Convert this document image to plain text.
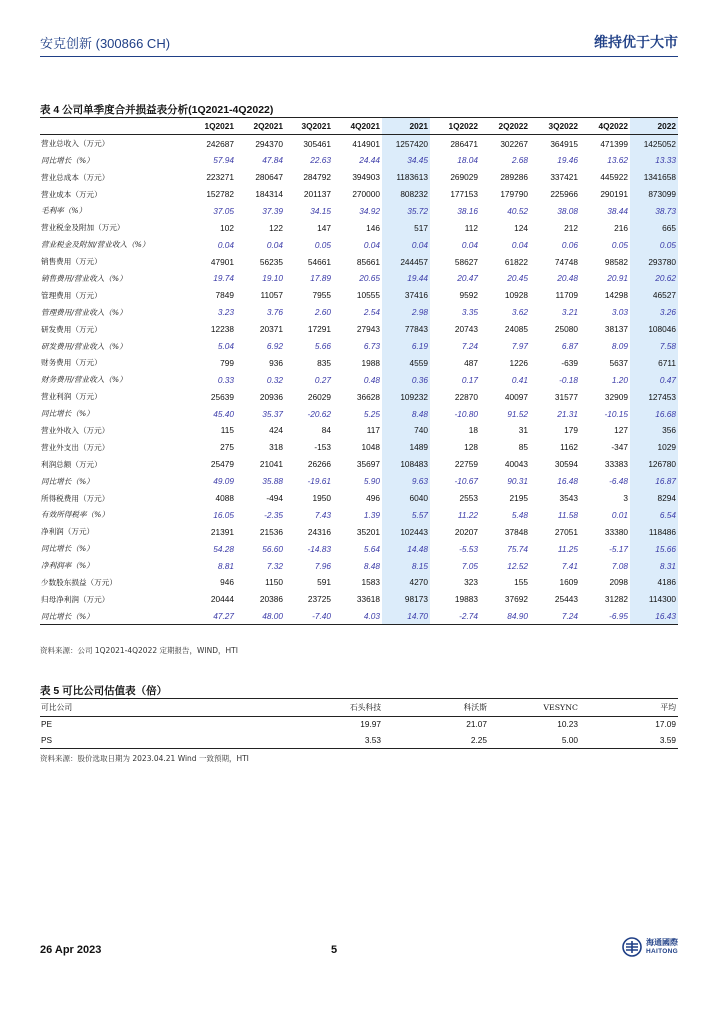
安克创新 (300866 CH)	维持优于大市
表 4 公司单季度合并损益表分析(1Q2021-4Q2022)
	1Q2021	2Q2021	3Q2021	4Q2021	2021	1Q2022	2Q2022	3Q2022	4Q2022	2022
营业总收入（万元）	242687	294370	305461	414901	1257420	286471	302267	364915	471399	1425052
同比增长（%）	57.94	47.84	22.63	24.44	34.45	18.04	2.68	19.46	13.62	13.33
营业总成本（万元）	223271	280647	284792	394903	1183613	269029	289286	337421	445922	1341658
营业成本（万元）	152782	184314	201137	270000	808232	177153	179790	225966	290191	873099
毛利率（%）	37.05	37.39	34.15	34.92	35.72	38.16	40.52	38.08	38.44	38.73
营业税金及附加（万元）	102	122	147	146	517	112	124	212	216	665
营业税金及附加/营业收入（%）	0.04	0.04	0.05	0.04	0.04	0.04	0.04	0.06	0.05	0.05
销售费用（万元）	47901	56235	54661	85661	244457	58627	61822	74748	98582	293780
销售费用/营业收入（%）	19.74	19.10	17.89	20.65	19.44	20.47	20.45	20.48	20.91	20.62
管理费用（万元）	7849	11057	7955	10555	37416	9592	10928	11709	14298	46527
管理费用/营业收入（%）	3.23	3.76	2.60	2.54	2.98	3.35	3.62	3.21	3.03	3.26
研发费用（万元）	12238	20371	17291	27943	77843	20743	24085	25080	38137	108046
研发费用/营业收入（%）	5.04	6.92	5.66	6.73	6.19	7.24	7.97	6.87	8.09	7.58
财务费用（万元）	799	936	835	1988	4559	487	1226	-639	5637	6711
财务费用/营业收入（%）	0.33	0.32	0.27	0.48	0.36	0.17	0.41	-0.18	1.20	0.47
营业利润（万元）	25639	20936	26029	36628	109232	22870	40097	31577	32909	127453
同比增长（%）	45.40	35.37	-20.62	5.25	8.48	-10.80	91.52	21.31	-10.15	16.68
营业外收入（万元）	115	424	84	117	740	18	31	179	127	356
营业外支出（万元）	275	318	-153	1048	1489	128	85	1162	-347	1029
利润总额（万元）	25479	21041	26266	35697	108483	22759	40043	30594	33383	126780
同比增长（%）	49.09	35.88	-19.61	5.90	9.63	-10.67	90.31	16.48	-6.48	16.87
所得税费用（万元）	4088	-494	1950	496	6040	2553	2195	3543	3	8294
有效所得税率（%）	16.05	-2.35	7.43	1.39	5.57	11.22	5.48	11.58	0.01	6.54
净利润（万元）	21391	21536	24316	35201	102443	20207	37848	27051	33380	118486
同比增长（%）	54.28	56.60	-14.83	5.64	14.48	-5.53	75.74	11.25	-5.17	15.66
净利润率（%）	8.81	7.32	7.96	8.48	8.15	7.05	12.52	7.41	7.08	8.31
少数股东损益（万元）	946	1150	591	1583	4270	323	155	1609	2098	4186
归母净利润（万元）	20444	20386	23725	33618	98173	19883	37692	25443	31282	114300
同比增长（%）	47.27	48.00	-7.40	4.03	14.70	-2.74	84.90	7.24	-6.95	16.43
资料来源：公司 1Q2021-4Q2022 定期报告，WIND，HTI
表 5 可比公司估值表（倍）
可比公司	石头科技	科沃斯	VESYNC	平均
PE	19.97	21.07	10.23	17.09
PS	3.53	2.25	5.00	3.59
资料来源：股价选取日期为 2023.04.21 Wind 一致预期，HTI
26 Apr 2023	5
海通國際
HAITONG
